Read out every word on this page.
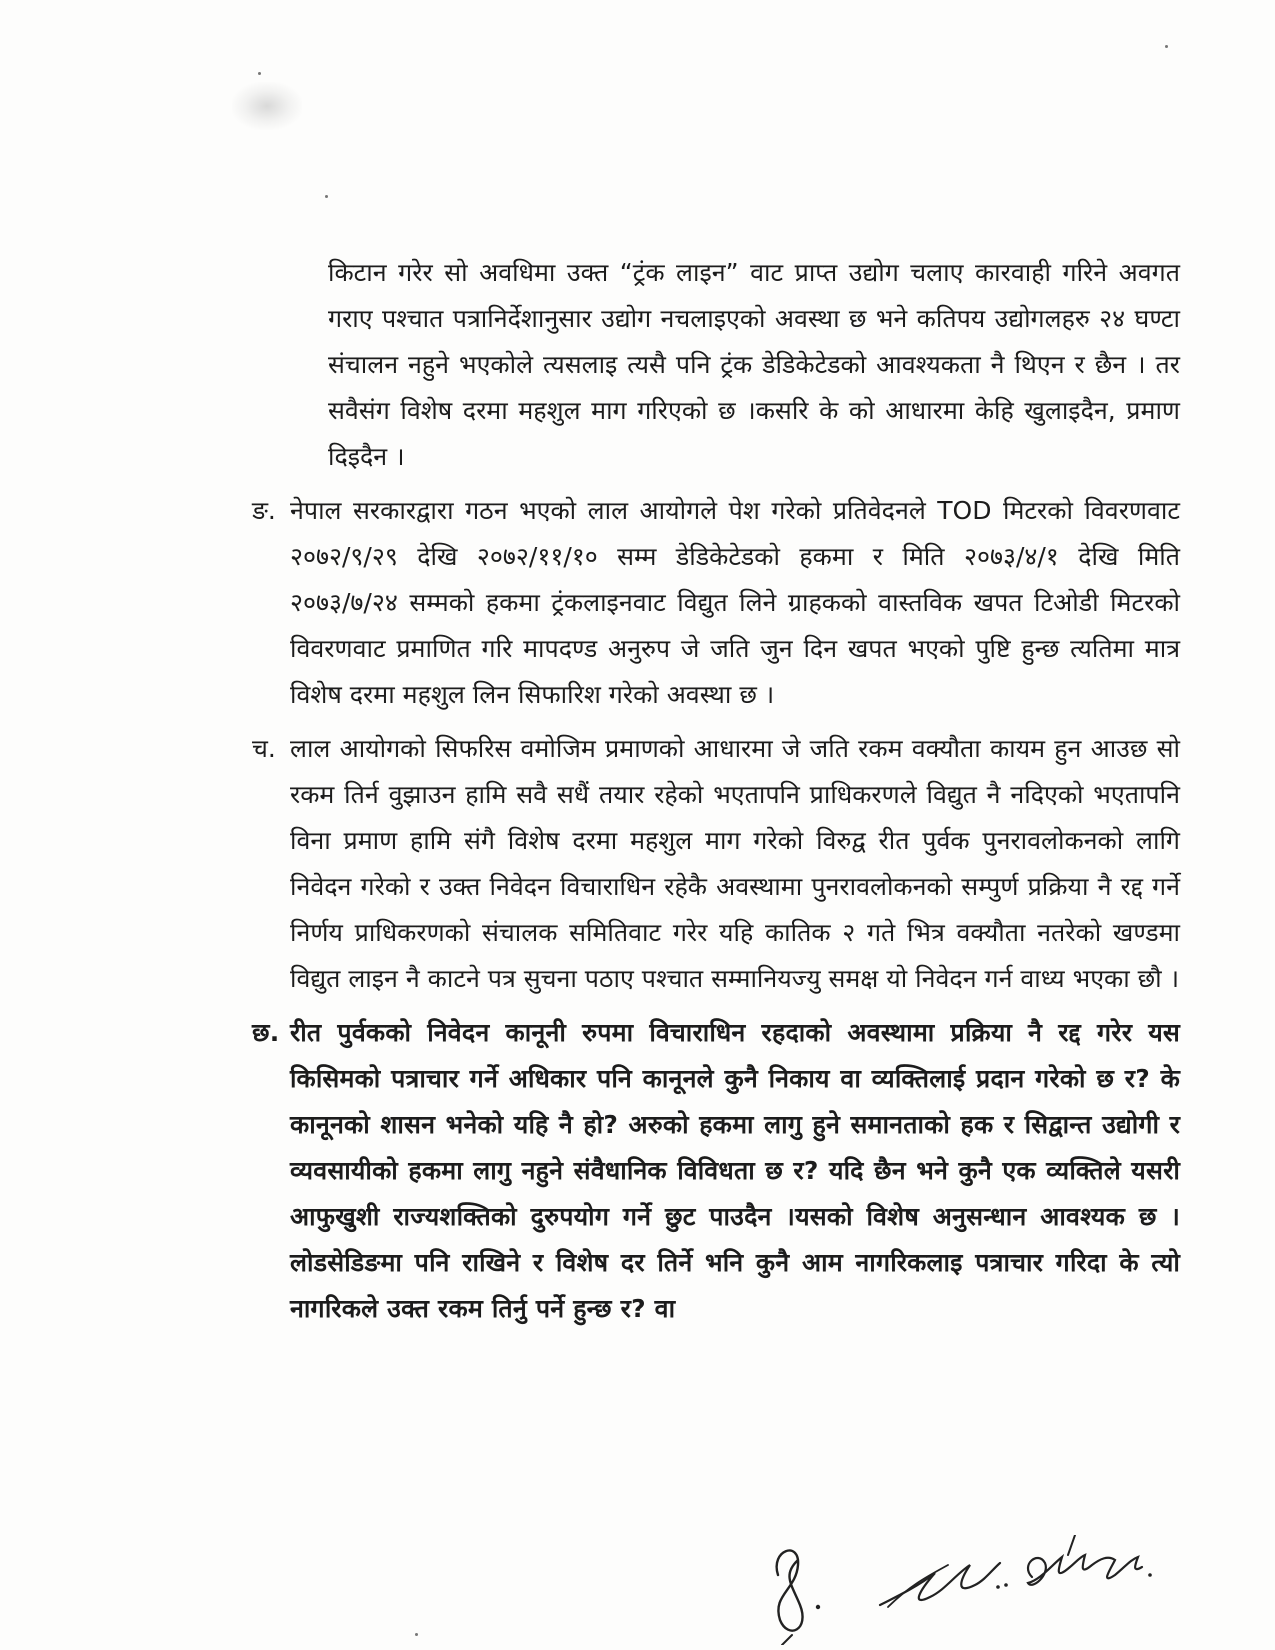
किटान गरेर सो अवधिमा उक्त “ट्रंक लाइन” वाट प्राप्त उद्योग चलाए कारवाही गरिने अवगत गराए पश्चात पत्रानिर्देशानुसार उद्योग नचलाइएको अवस्था छ भने कतिपय उद्योगलहरु २४ घण्टा संचालन नहुने भएकोले त्यसलाइ त्यसै पनि ट्रंक डेडिकेटेडको आवश्यकता नै थिएन र छैन । तर सवैसंग विशेष दरमा महशुल माग गरिएको छ ।कसरि के को आधारमा केहि खुलाइदैन, प्रमाण दिइदैन ।

ङ. नेपाल सरकारद्वारा गठन भएको लाल आयोगले पेश गरेको प्रतिवेदनले TOD मिटरको विवरणवाट २०७२/९/२९ देखि २०७२/११/१० सम्म डेडिकेटेडको हकमा र मिति २०७३/४/१ देखि मिति २०७३/७/२४ सम्मको हकमा ट्रंकलाइनवाट विद्युत लिने ग्राहकको वास्तविक खपत टिओडी मिटरको विवरणवाट प्रमाणित गरि मापदण्ड अनुरुप जे जति जुन दिन खपत भएको पुष्टि हुन्छ त्यतिमा मात्र विशेष दरमा महशुल लिन सिफारिश गरेको अवस्था छ ।

च. लाल आयोगको सिफरिस वमोजिम प्रमाणको आधारमा जे जति रकम वक्यौता कायम हुन आउछ सो रकम तिर्न वुझाउन हामि सवै सधैं तयार रहेको भएतापनि प्राधिकरणले विद्युत नै नदिएको भएतापनि विना प्रमाण हामि संगै विशेष दरमा महशुल माग गरेको विरुद्व रीत पुर्वक पुनरावलोकनको लागि निवेदन गरेको र उक्त निवेदन विचाराधिन रहेकै अवस्थामा पुनरावलोकनको सम्पुर्ण प्रक्रिया नै रद्द गर्ने निर्णय प्राधिकरणको संचालक समितिवाट गरेर यहि कातिक २ गते भित्र वक्यौता नतरेको खण्डमा विद्युत लाइन नै काटने पत्र सुचना पठाए पश्चात सम्मानियज्यु समक्ष यो निवेदन गर्न वाध्य भएका छौ ।

छ. रीत पुर्वकको निवेदन कानूनी रुपमा विचाराधिन रहदाको अवस्थामा प्रक्रिया नै रद्द गरेर यस किसिमको पत्राचार गर्ने अधिकार पनि कानूनले कुनै निकाय वा व्यक्तिलाई प्रदान गरेको छ र? के कानूनको शासन भनेको यहि नै हो? अरुको हकमा लागु हुने समानताको हक र सिद्वान्त उद्योगी र व्यवसायीको हकमा लागु नहुने संवैधानिक विविधता छ र? यदि छैन भने कुनै एक व्यक्तिले यसरी आफुखुशी राज्यशक्तिको दुरुपयोग गर्ने छुट पाउदैन ।यसको विशेष अनुसन्धान आवश्यक छ । लोडसेडिङमा पनि राखिने र विशेष दर तिर्ने भनि कुनै आम नागरिकलाइ पत्राचार गरिदा के त्यो नागरिकले उक्त रकम तिर्नु पर्ने हुन्छ र? वा
